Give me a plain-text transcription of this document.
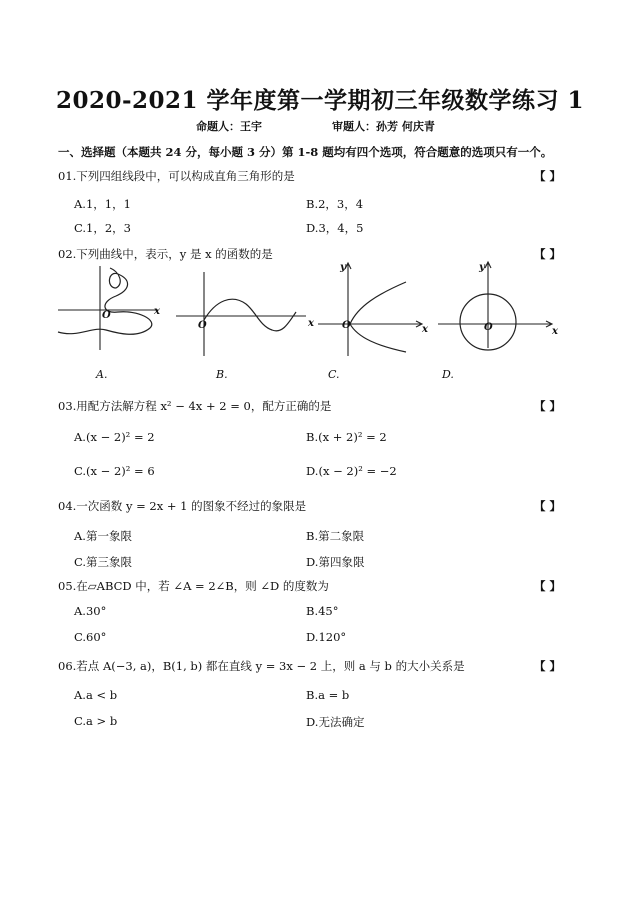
2020-2021 学年度第一学期初三年级数学练习 1
命题人：王宇	审题人：孙芳 何庆青
一、选择题（本题共 24 分，每小题 3 分）第 1-8 题均有四个选项，符合题意的选项只有一个。
01.下列四组线段中，可以构成直角三角形的是	【 】
A.1，1，1	B.2，3，4
C.1，2，3	D.3，4，5
02.下列曲线中，表示，y 是 x 的函数的是	【 】
x
O
A.
x
O
B.
y
x
O
C.
y
x
O
D.
03.用配方法解方程 x² − 4x + 2 = 0，配方正确的是	【 】
A.(x − 2)² = 2	B.(x + 2)² = 2
C.(x − 2)² = 6	D.(x − 2)² = −2
04.一次函数 y = 2x + 1 的图象不经过的象限是	【 】
A.第一象限	B.第二象限
C.第三象限	D.第四象限
05.在▱ABCD 中，若 ∠A = 2∠B，则 ∠D 的度数为	【 】
A.30°	B.45°
C.60°	D.120°
06.若点 A(−3, a)，B(1, b) 都在直线 y = 3x − 2 上，则 a 与 b 的大小关系是	【 】
A.a < b	B.a = b
C.a > b	D.无法确定
